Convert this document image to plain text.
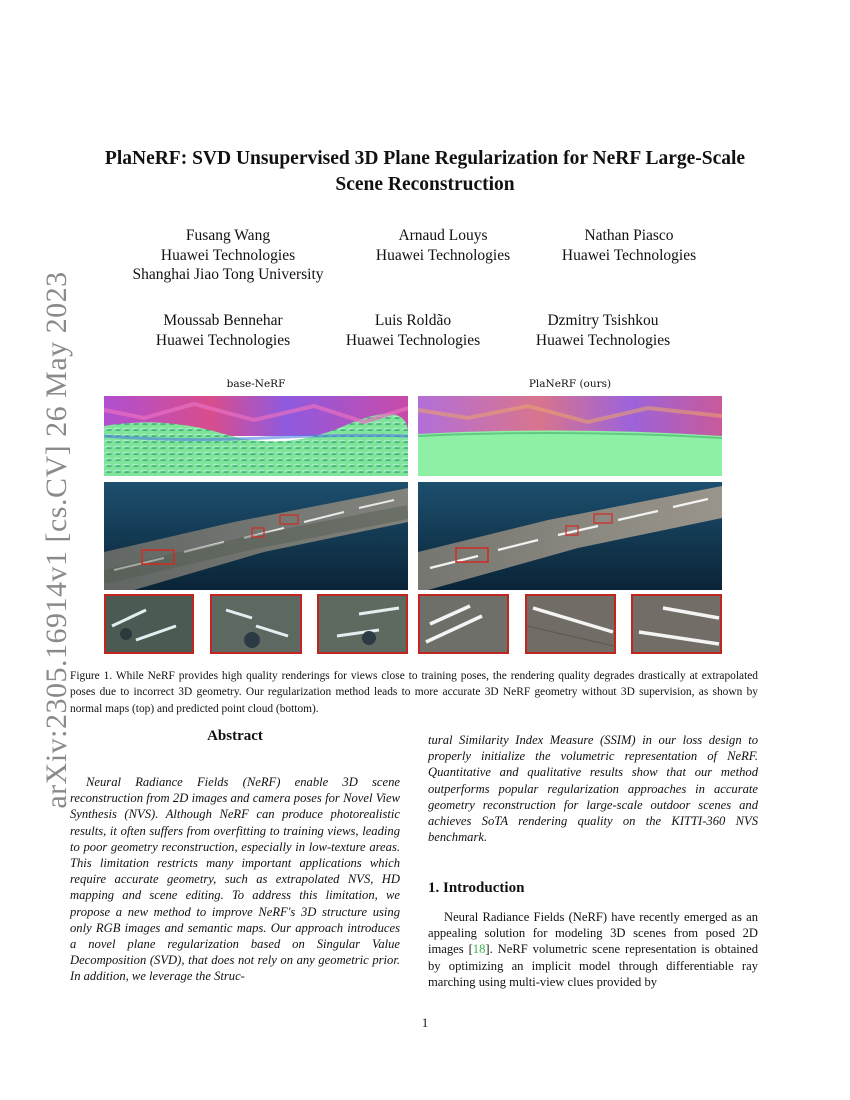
arXiv:2305.16914v1 [cs.CV] 26 May 2023
PlaNeRF: SVD Unsupervised 3D Plane Regularization for NeRF Large-Scale
Scene Reconstruction
Fusang Wang
Huawei Technologies
Shanghai Jiao Tong University
Arnaud Louys
Huawei Technologies
Nathan Piasco
Huawei Technologies
Moussab Bennehar
Huawei Technologies
Luis Roldão
Huawei Technologies
Dzmitry Tsishkou
Huawei Technologies
base-NeRF	PlaNeRF (ours)
Figure 1. While NeRF provides high quality renderings for views close to training poses, the rendering quality degrades drastically at extrapolated poses due to incorrect 3D geometry. Our regularization method leads to more accurate 3D NeRF geometry without 3D supervision, as shown by normal maps (top) and predicted point cloud (bottom).
Abstract
Neural Radiance Fields (NeRF) enable 3D scene reconstruction from 2D images and camera poses for Novel View Synthesis (NVS). Although NeRF can produce photorealistic results, it often suffers from overfitting to training views, leading to poor geometry reconstruction, especially in low-texture areas. This limitation restricts many important applications which require accurate geometry, such as extrapolated NVS, HD mapping and scene editing. To address this limitation, we propose a new method to improve NeRF's 3D structure using only RGB images and semantic maps. Our approach introduces a novel plane regularization based on Singular Value Decomposition (SVD), that does not rely on any geometric prior. In addition, we leverage the Struc-
tural Similarity Index Measure (SSIM) in our loss design to properly initialize the volumetric representation of NeRF. Quantitative and qualitative results show that our method outperforms popular regularization approaches in accurate geometry reconstruction for large-scale outdoor scenes and achieves SoTA rendering quality on the KITTI-360 NVS benchmark.
1. Introduction
Neural Radiance Fields (NeRF) have recently emerged as an appealing solution for modeling 3D scenes from posed 2D images [18]. NeRF volumetric scene representation is obtained by optimizing an implicit model through differentiable ray marching using multi-view clues provided by
1
